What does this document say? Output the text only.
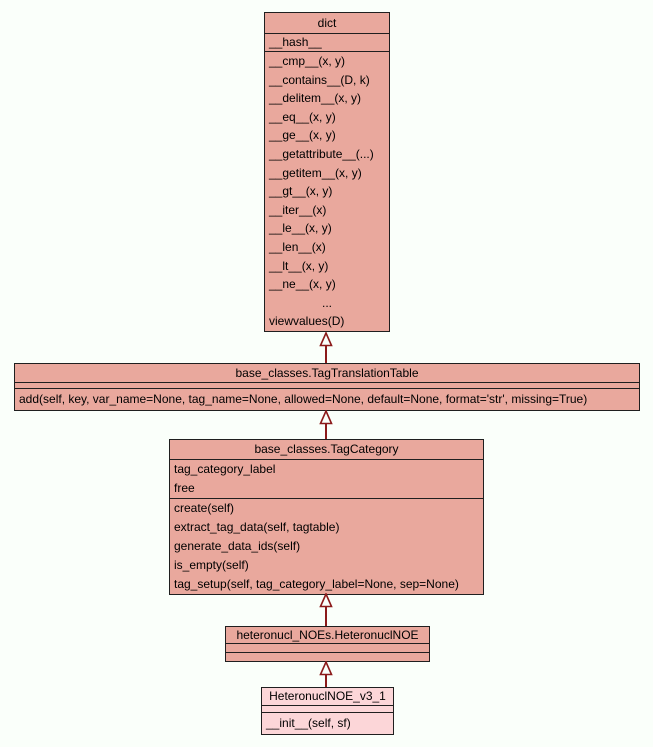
dict
__hash__
__cmp__(x, y)
__contains__(D, k)
__delitem__(x, y)
__eq__(x, y)
__ge__(x, y)
__getattribute__(...)
__getitem__(x, y)
__gt__(x, y)
__iter__(x)
__le__(x, y)
__len__(x)
__lt__(x, y)
__ne__(x, y)
...
viewvalues(D)
base_classes.TagTranslationTable
add(self, key, var_name=None, tag_name=None, allowed=None, default=None, format='str', missing=True)
base_classes.TagCategory
tag_category_label
free
create(self)
extract_tag_data(self, tagtable)
generate_data_ids(self)
is_empty(self)
tag_setup(self, tag_category_label=None, sep=None)
heteronucl_NOEs.HeteronuclNOE
HeteronuclNOE_v3_1
__init__(self, sf)
